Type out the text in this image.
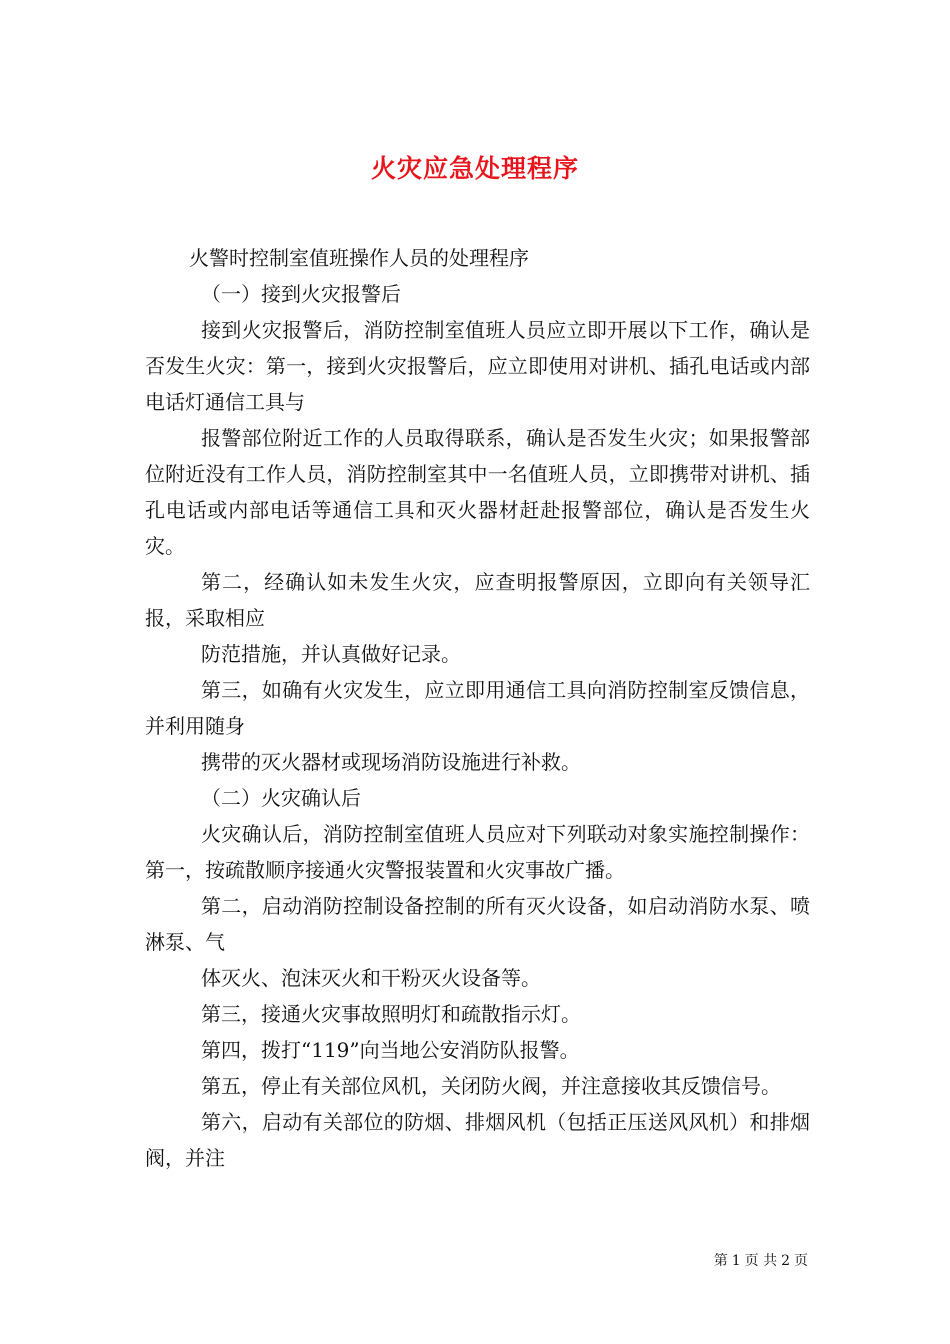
火灾应急处理程序

火警时控制室值班操作人员的处理程序

（一）接到火灾报警后

接到火灾报警后，消防控制室值班人员应立即开展以下工作，确认是否发生火灾：第一，接到火灾报警后，应立即使用对讲机、插孔电话或内部电话灯通信工具与

报警部位附近工作的人员取得联系，确认是否发生火灾；如果报警部位附近没有工作人员，消防控制室其中一名值班人员，立即携带对讲机、插孔电话或内部电话等通信工具和灭火器材赶赴报警部位，确认是否发生火灾。

第二，经确认如未发生火灾，应查明报警原因，立即向有关领导汇报，采取相应

防范措施，并认真做好记录。

第三，如确有火灾发生，应立即用通信工具向消防控制室反馈信息，并利用随身

携带的灭火器材或现场消防设施进行补救。

（二）火灾确认后

火灾确认后，消防控制室值班人员应对下列联动对象实施控制操作：第一，按疏散顺序接通火灾警报装置和火灾事故广播。

第二，启动消防控制设备控制的所有灭火设备，如启动消防水泵、喷淋泵、气

体灭火、泡沫灭火和干粉灭火设备等。

第三，接通火灾事故照明灯和疏散指示灯。

第四，拨打“119”向当地公安消防队报警。

第五，停止有关部位风机，关闭防火阀，并注意接收其反馈信号。

第六，启动有关部位的防烟、排烟风机（包括正压送风风机）和排烟阀，并注

第 1 页 共 2 页
